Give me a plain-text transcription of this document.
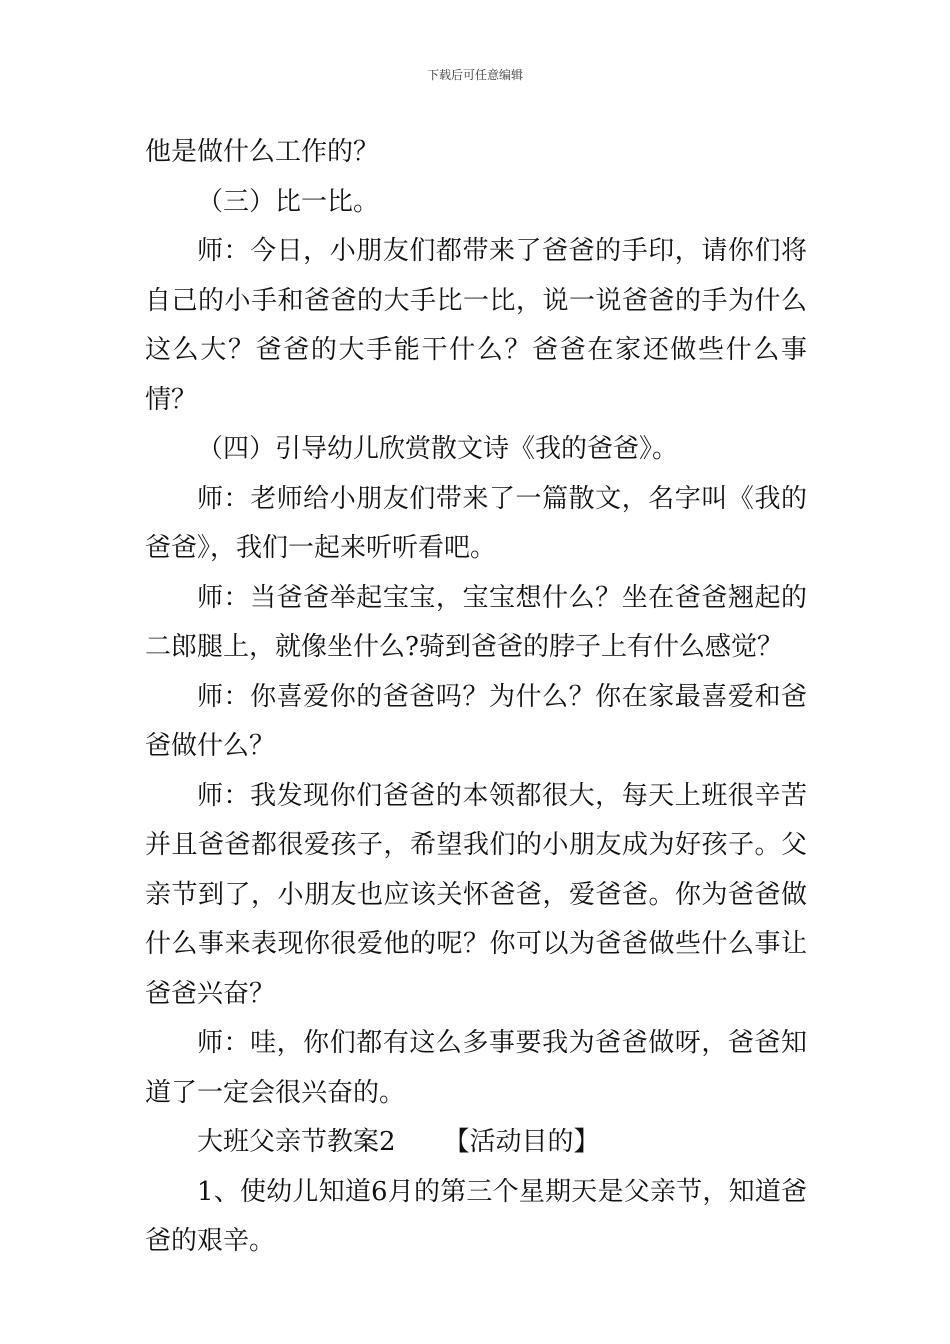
下载后可任意编辑

他是做什么工作的？

（三）比一比。

师：今日，小朋友们都带来了爸爸的手印，请你们将自己的小手和爸爸的大手比一比，说一说爸爸的手为什么这么大？爸爸的大手能干什么？爸爸在家还做些什么事情？

（四）引导幼儿欣赏散文诗《我的爸爸》。

师：老师给小朋友们带来了一篇散文，名字叫《我的爸爸》，我们一起来听听看吧。

师：当爸爸举起宝宝，宝宝想什么？坐在爸爸翘起的二郎腿上，就像坐什么?骑到爸爸的脖子上有什么感觉？

师：你喜爱你的爸爸吗？为什么？你在家最喜爱和爸爸做什么？

师：我发现你们爸爸的本领都很大，每天上班很辛苦并且爸爸都很爱孩子，希望我们的小朋友成为好孩子。父亲节到了，小朋友也应该关怀爸爸，爱爸爸。你为爸爸做什么事来表现你很爱他的呢？你可以为爸爸做些什么事让爸爸兴奋？

师：哇，你们都有这么多事要我为爸爸做呀，爸爸知道了一定会很兴奋的。

大班父亲节教案2 【活动目的】

1、使幼儿知道6月的第三个星期天是父亲节，知道爸爸的艰辛。
